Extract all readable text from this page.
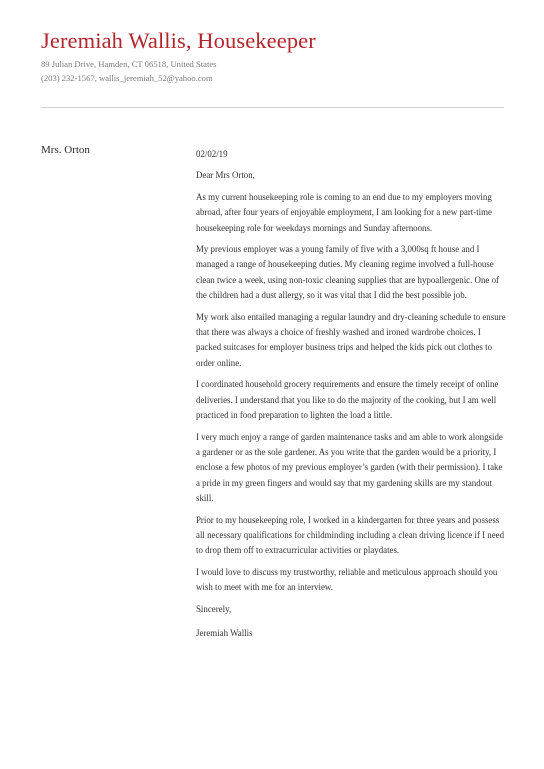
Jeremiah Wallis, Housekeeper
89 Julian Drive, Hamden, CT 06518, United States
(203) 232-1567, wallis_jeremiah_52@yahoo.com
Mrs. Orton	02/02/19
Dear Mrs Orton,

As my current housekeeping role is coming to an end due to my employers moving abroad, after four years of enjoyable employment, I am looking for a new part-time housekeeping role for weekdays mornings and Sunday afternoons.

My previous employer was a young family of five with a 3,000sq ft house and I managed a range of housekeeping duties. My cleaning regime involved a full-house clean twice a week, using non-toxic cleaning supplies that are hypoallergenic. One of the children had a dust allergy, so it was vital that I did the best possible job.

My work also entailed managing a regular laundry and dry-cleaning schedule to ensure that there was always a choice of freshly washed and ironed wardrobe choices. I packed suitcases for employer business trips and helped the kids pick out clothes to order online.

I coordinated household grocery requirements and ensure the timely receipt of online deliveries. I understand that you like to do the majority of the cooking, but I am well practiced in food preparation to lighten the load a little.

I very much enjoy a range of garden maintenance tasks and am able to work alongside a gardener or as the sole gardener. As you write that the garden would be a priority, I enclose a few photos of my previous employer’s garden (with their permission). I take a pride in my green fingers and would say that my gardening skills are my standout skill.

Prior to my housekeeping role, I worked in a kindergarten for three years and possess all necessary qualifications for childminding including a clean driving licence if I need to drop them off to extracurricular activities or playdates.

I would love to discuss my trustworthy, reliable and meticulous approach should you wish to meet with me for an interview.

Sincerely,
Jeremiah Wallis
